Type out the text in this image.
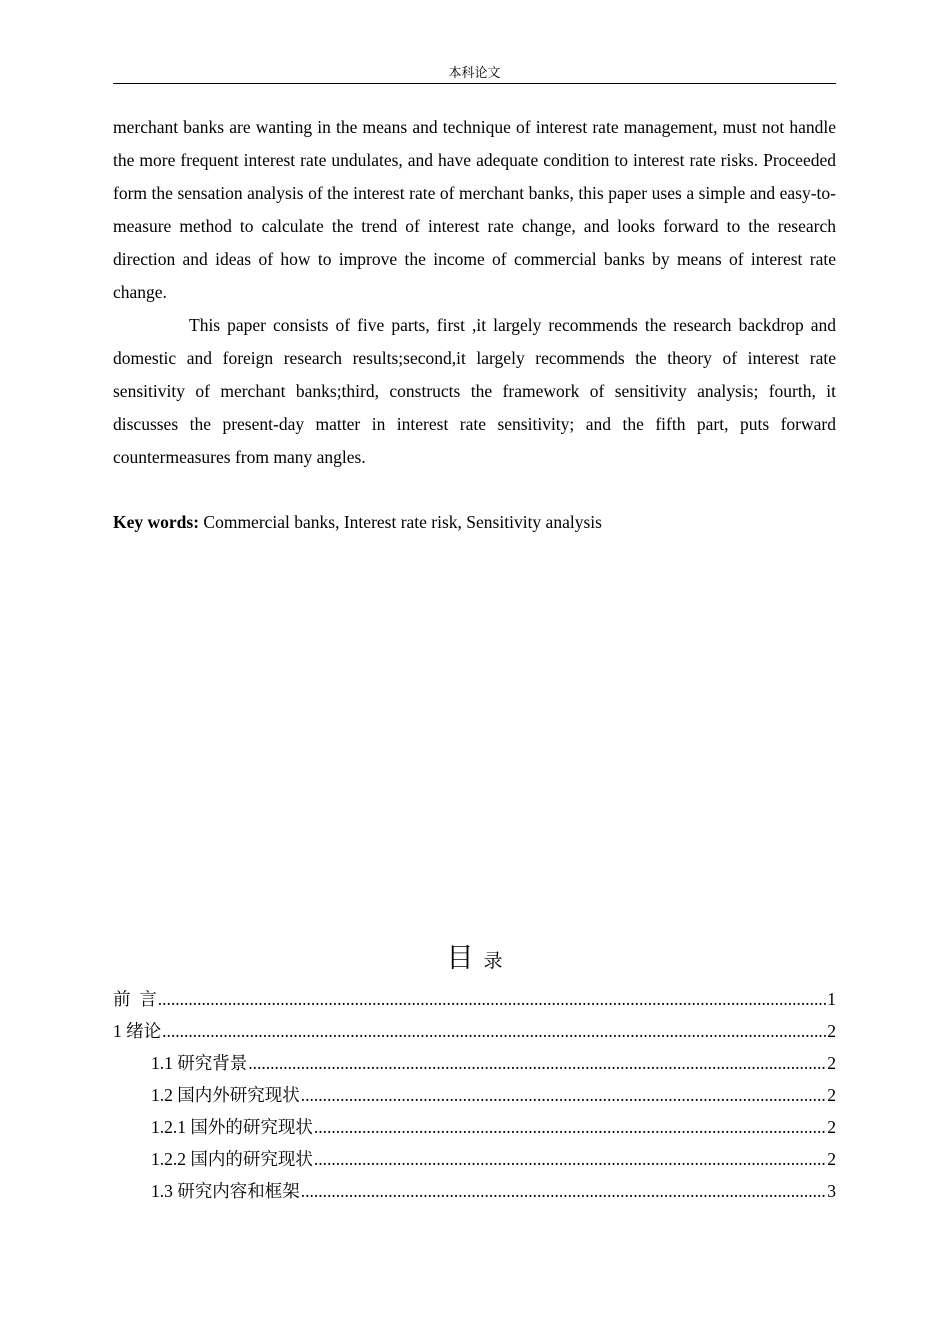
本科论文

merchant banks are wanting in the means and technique of interest rate management, must not handle the more frequent interest rate undulates, and have adequate condition to interest rate risks. Proceeded form the sensation analysis of the interest rate of merchant banks, this paper uses a simple and easy-to-measure method to calculate the trend of interest rate change, and looks forward to the research direction and ideas of how to improve the income of commercial banks by means of interest rate change.

This paper consists of five parts, first ,it largely recommends the research backdrop and domestic and foreign research results;second,it largely recommends the theory of interest rate sensitivity of merchant banks;third, constructs the framework of sensitivity analysis; fourth, it discusses the present-day matter in interest rate sensitivity; and the fifth part, puts forward countermeasures from many angles.

Key words: Commercial banks, Interest rate risk, Sensitivity analysis
目 录
前  言 .....	1
1 绪论 .....	2
1.1 研究背景 .....	2
1.2 国内外研究现状 .....	2
1.2.1 国外的研究现状 .....	2
1.2.2 国内的研究现状 .....	2
1.3 研究内容和框架 .....	3
